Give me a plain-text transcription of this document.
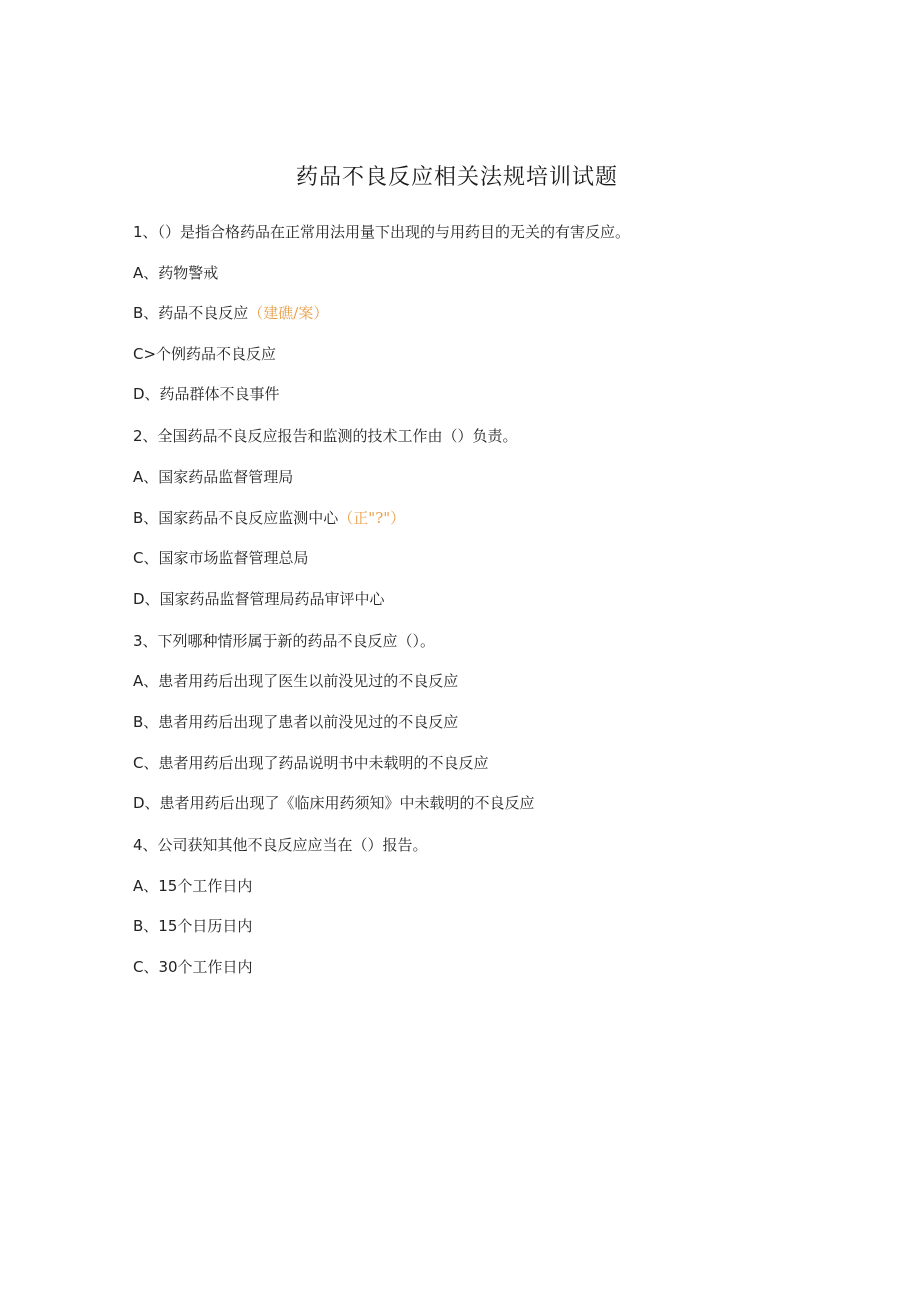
药品不良反应相关法规培训试题
1、（）是指合格药品在正常用法用量下出现的与用药目的无关的有害反应。
A、药物警戒
B、药品不良反应（建礁/案）
C>个例药品不良反应
D、药品群体不良事件
2、全国药品不良反应报告和监测的技术工作由（）负责。
A、国家药品监督管理局
B、国家药品不良反应监测中心（正"?"）
C、国家市场监督管理总局
D、国家药品监督管理局药品审评中心
3、下列哪种情形属于新的药品不良反应（）。
A、患者用药后出现了医生以前没见过的不良反应
B、患者用药后出现了患者以前没见过的不良反应
C、患者用药后出现了药品说明书中未载明的不良反应
D、患者用药后出现了《临床用药须知》中未载明的不良反应
4、公司获知其他不良反应应当在（）报告。
A、15个工作日内
B、15个日历日内
C、30个工作日内
